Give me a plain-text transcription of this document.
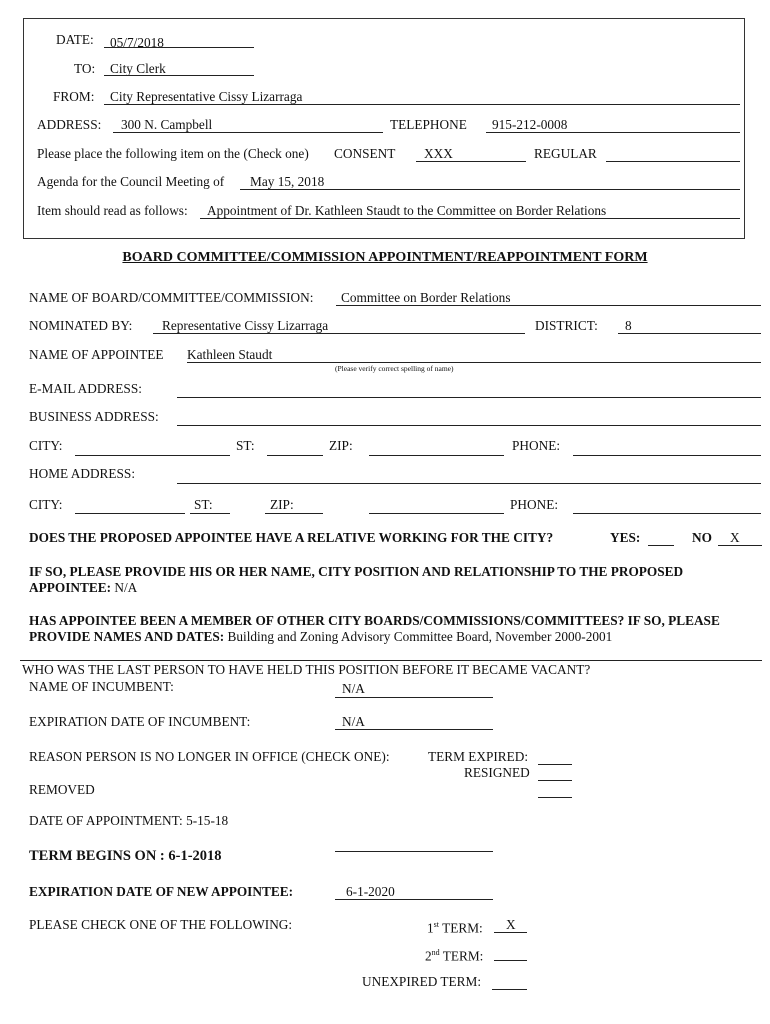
DATE: 05/7/2018
TO: City Clerk
FROM: City Representative Cissy Lizarraga
ADDRESS: 300 N. Campbell	TELEPHONE 915-212-0008
Please place the following item on the (Check one) CONSENT XXX	REGULAR
Agenda for the Council Meeting of May 15, 2018
Item should read as follows: Appointment of Dr. Kathleen Staudt to the Committee on Border Relations
BOARD COMMITTEE/COMMISSION APPOINTMENT/REAPPOINTMENT FORM
NAME OF BOARD/COMMITTEE/COMMISSION: Committee on Border Relations
NOMINATED BY: Representative Cissy Lizarraga	DISTRICT: 8
NAME OF APPOINTEE Kathleen Staudt
(Please verify correct spelling of name)
E-MAIL ADDRESS:
BUSINESS ADDRESS:
CITY:	ST:	ZIP:	PHONE:
HOME ADDRESS:
CITY:	ST:	ZIP:	PHONE:
DOES THE PROPOSED APPOINTEE HAVE A RELATIVE WORKING FOR THE CITY?	YES:	NO X
IF SO, PLEASE PROVIDE HIS OR HER NAME, CITY POSITION AND RELATIONSHIP TO THE PROPOSED
APPOINTEE: N/A
HAS APPOINTEE BEEN A MEMBER OF OTHER CITY BOARDS/COMMISSIONS/COMMITTEES? IF SO, PLEASE
PROVIDE NAMES AND DATES: Building and Zoning Advisory Committee Board, November 2000-2001
WHO WAS THE LAST PERSON TO HAVE HELD THIS POSITION BEFORE IT BECAME VACANT?
NAME OF INCUMBENT:	N/A
EXPIRATION DATE OF INCUMBENT:	N/A
REASON PERSON IS NO LONGER IN OFFICE (CHECK ONE):	TERM EXPIRED:
RESIGNED
REMOVED
DATE OF APPOINTMENT: 5-15-18
TERM BEGINS ON : 6-1-2018
EXPIRATION DATE OF NEW APPOINTEE:	6-1-2020
PLEASE CHECK ONE OF THE FOLLOWING:	1st TERM: X
2nd TERM:
UNEXPIRED TERM:
